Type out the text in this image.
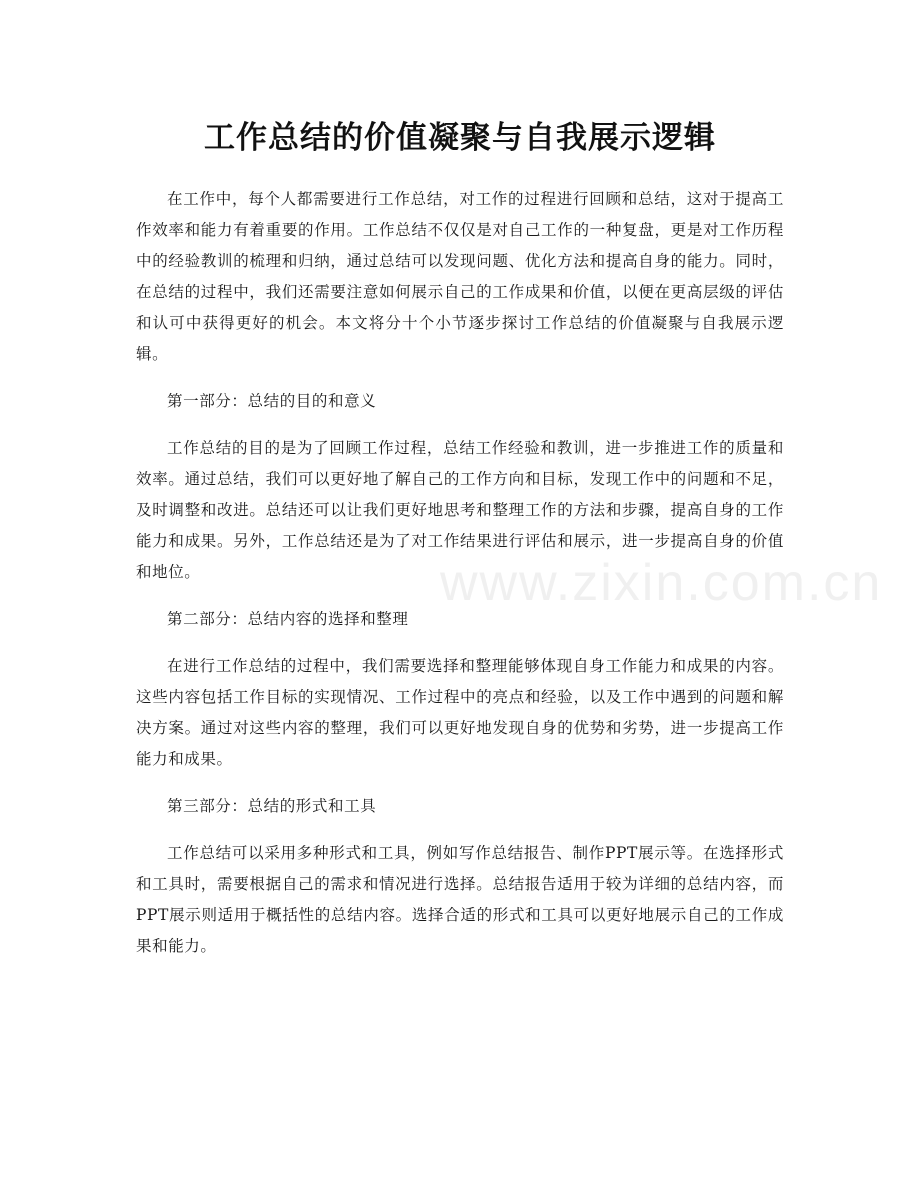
工作总结的价值凝聚与自我展示逻辑

在工作中，每个人都需要进行工作总结，对工作的过程进行回顾和总结，这对于提高工作效率和能力有着重要的作用。工作总结不仅仅是对自己工作的一种复盘，更是对工作历程中的经验教训的梳理和归纳，通过总结可以发现问题、优化方法和提高自身的能力。同时，在总结的过程中，我们还需要注意如何展示自己的工作成果和价值，以便在更高层级的评估和认可中获得更好的机会。本文将分十个小节逐步探讨工作总结的价值凝聚与自我展示逻辑。

第一部分：总结的目的和意义

工作总结的目的是为了回顾工作过程，总结工作经验和教训，进一步推进工作的质量和效率。通过总结，我们可以更好地了解自己的工作方向和目标，发现工作中的问题和不足，及时调整和改进。总结还可以让我们更好地思考和整理工作的方法和步骤，提高自身的工作能力和成果。另外，工作总结还是为了对工作结果进行评估和展示，进一步提高自身的价值和地位。

第二部分：总结内容的选择和整理

在进行工作总结的过程中，我们需要选择和整理能够体现自身工作能力和成果的内容。这些内容包括工作目标的实现情况、工作过程中的亮点和经验，以及工作中遇到的问题和解决方案。通过对这些内容的整理，我们可以更好地发现自身的优势和劣势，进一步提高工作能力和成果。

第三部分：总结的形式和工具

工作总结可以采用多种形式和工具，例如写作总结报告、制作PPT展示等。在选择形式和工具时，需要根据自己的需求和情况进行选择。总结报告适用于较为详细的总结内容，而PPT展示则适用于概括性的总结内容。选择合适的形式和工具可以更好地展示自己的工作成果和能力。

www.zixin.com.cn
